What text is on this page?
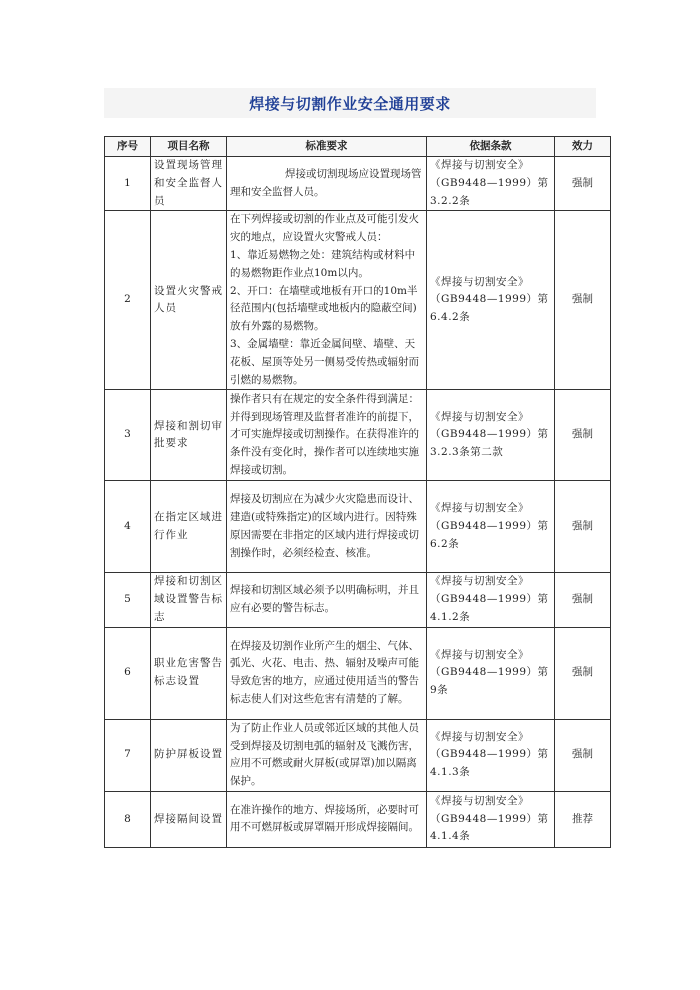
焊接与切割作业安全通用要求
序号	项目名称	标准要求	依据条款	效力
1	设置现场管理和安全监督人员	焊接或切割现场应设置现场管理和安全监督人员。	《焊接与切割安全》（GB9448—1999）第3.2.2条	强制
2	设置火灾警戒人员	在下列焊接或切割的作业点及可能引发火灾的地点，应设置火灾警戒人员：
1、靠近易燃物之处：建筑结构或材料中的易燃物距作业点10m以内。
2、开口：在墙壁或地板有开口的10m半径范围内(包括墙壁或地板内的隐蔽空间)放有外露的易燃物。
3、金属墙壁：靠近金属间壁、墙壁、天花板、屋顶等处另一侧易受传热或辐射而引燃的易燃物。	《焊接与切割安全》（GB9448—1999）第6.4.2条	强制
3	焊接和割切审批要求	操作者只有在规定的安全条件得到满足：并得到现场管理及监督者准许的前提下，才可实施焊接或切割操作。在获得准许的条件没有变化时，操作者可以连续地实施焊接或切割。	《焊接与切割安全》（GB9448—1999）第3.2.3条第二款	强制
4	在指定区域进行作业	焊接及切割应在为减少火灾隐患而设计、建造(或特殊指定)的区域内进行。因特殊原因需要在非指定的区域内进行焊接或切割操作时，必须经检查、核准。	《焊接与切割安全》（GB9448—1999）第6.2条	强制
5	焊接和切割区域设置警告标志	焊接和切割区域必须予以明确标明，并且应有必要的警告标志。	《焊接与切割安全》（GB9448—1999）第4.1.2条	强制
6	职业危害警告标志设置	在焊接及切割作业所产生的烟尘、气体、弧光、火花、电击、热、辐射及噪声可能导致危害的地方，应通过使用适当的警告标志使人们对这些危害有清楚的了解。	《焊接与切割安全》（GB9448—1999）第9条	强制
7	防护屏板设置	为了防止作业人员或邻近区域的其他人员受到焊接及切割电弧的辐射及飞溅伤害，应用不可燃或耐火屏板(或屏罩)加以隔离保护。	《焊接与切割安全》（GB9448—1999）第4.1.3条	强制
8	焊接隔间设置	在准许操作的地方、焊接场所，必要时可用不可燃屏板或屏罩隔开形成焊接隔间。	《焊接与切割安全》（GB9448—1999）第4.1.4条	推荐
